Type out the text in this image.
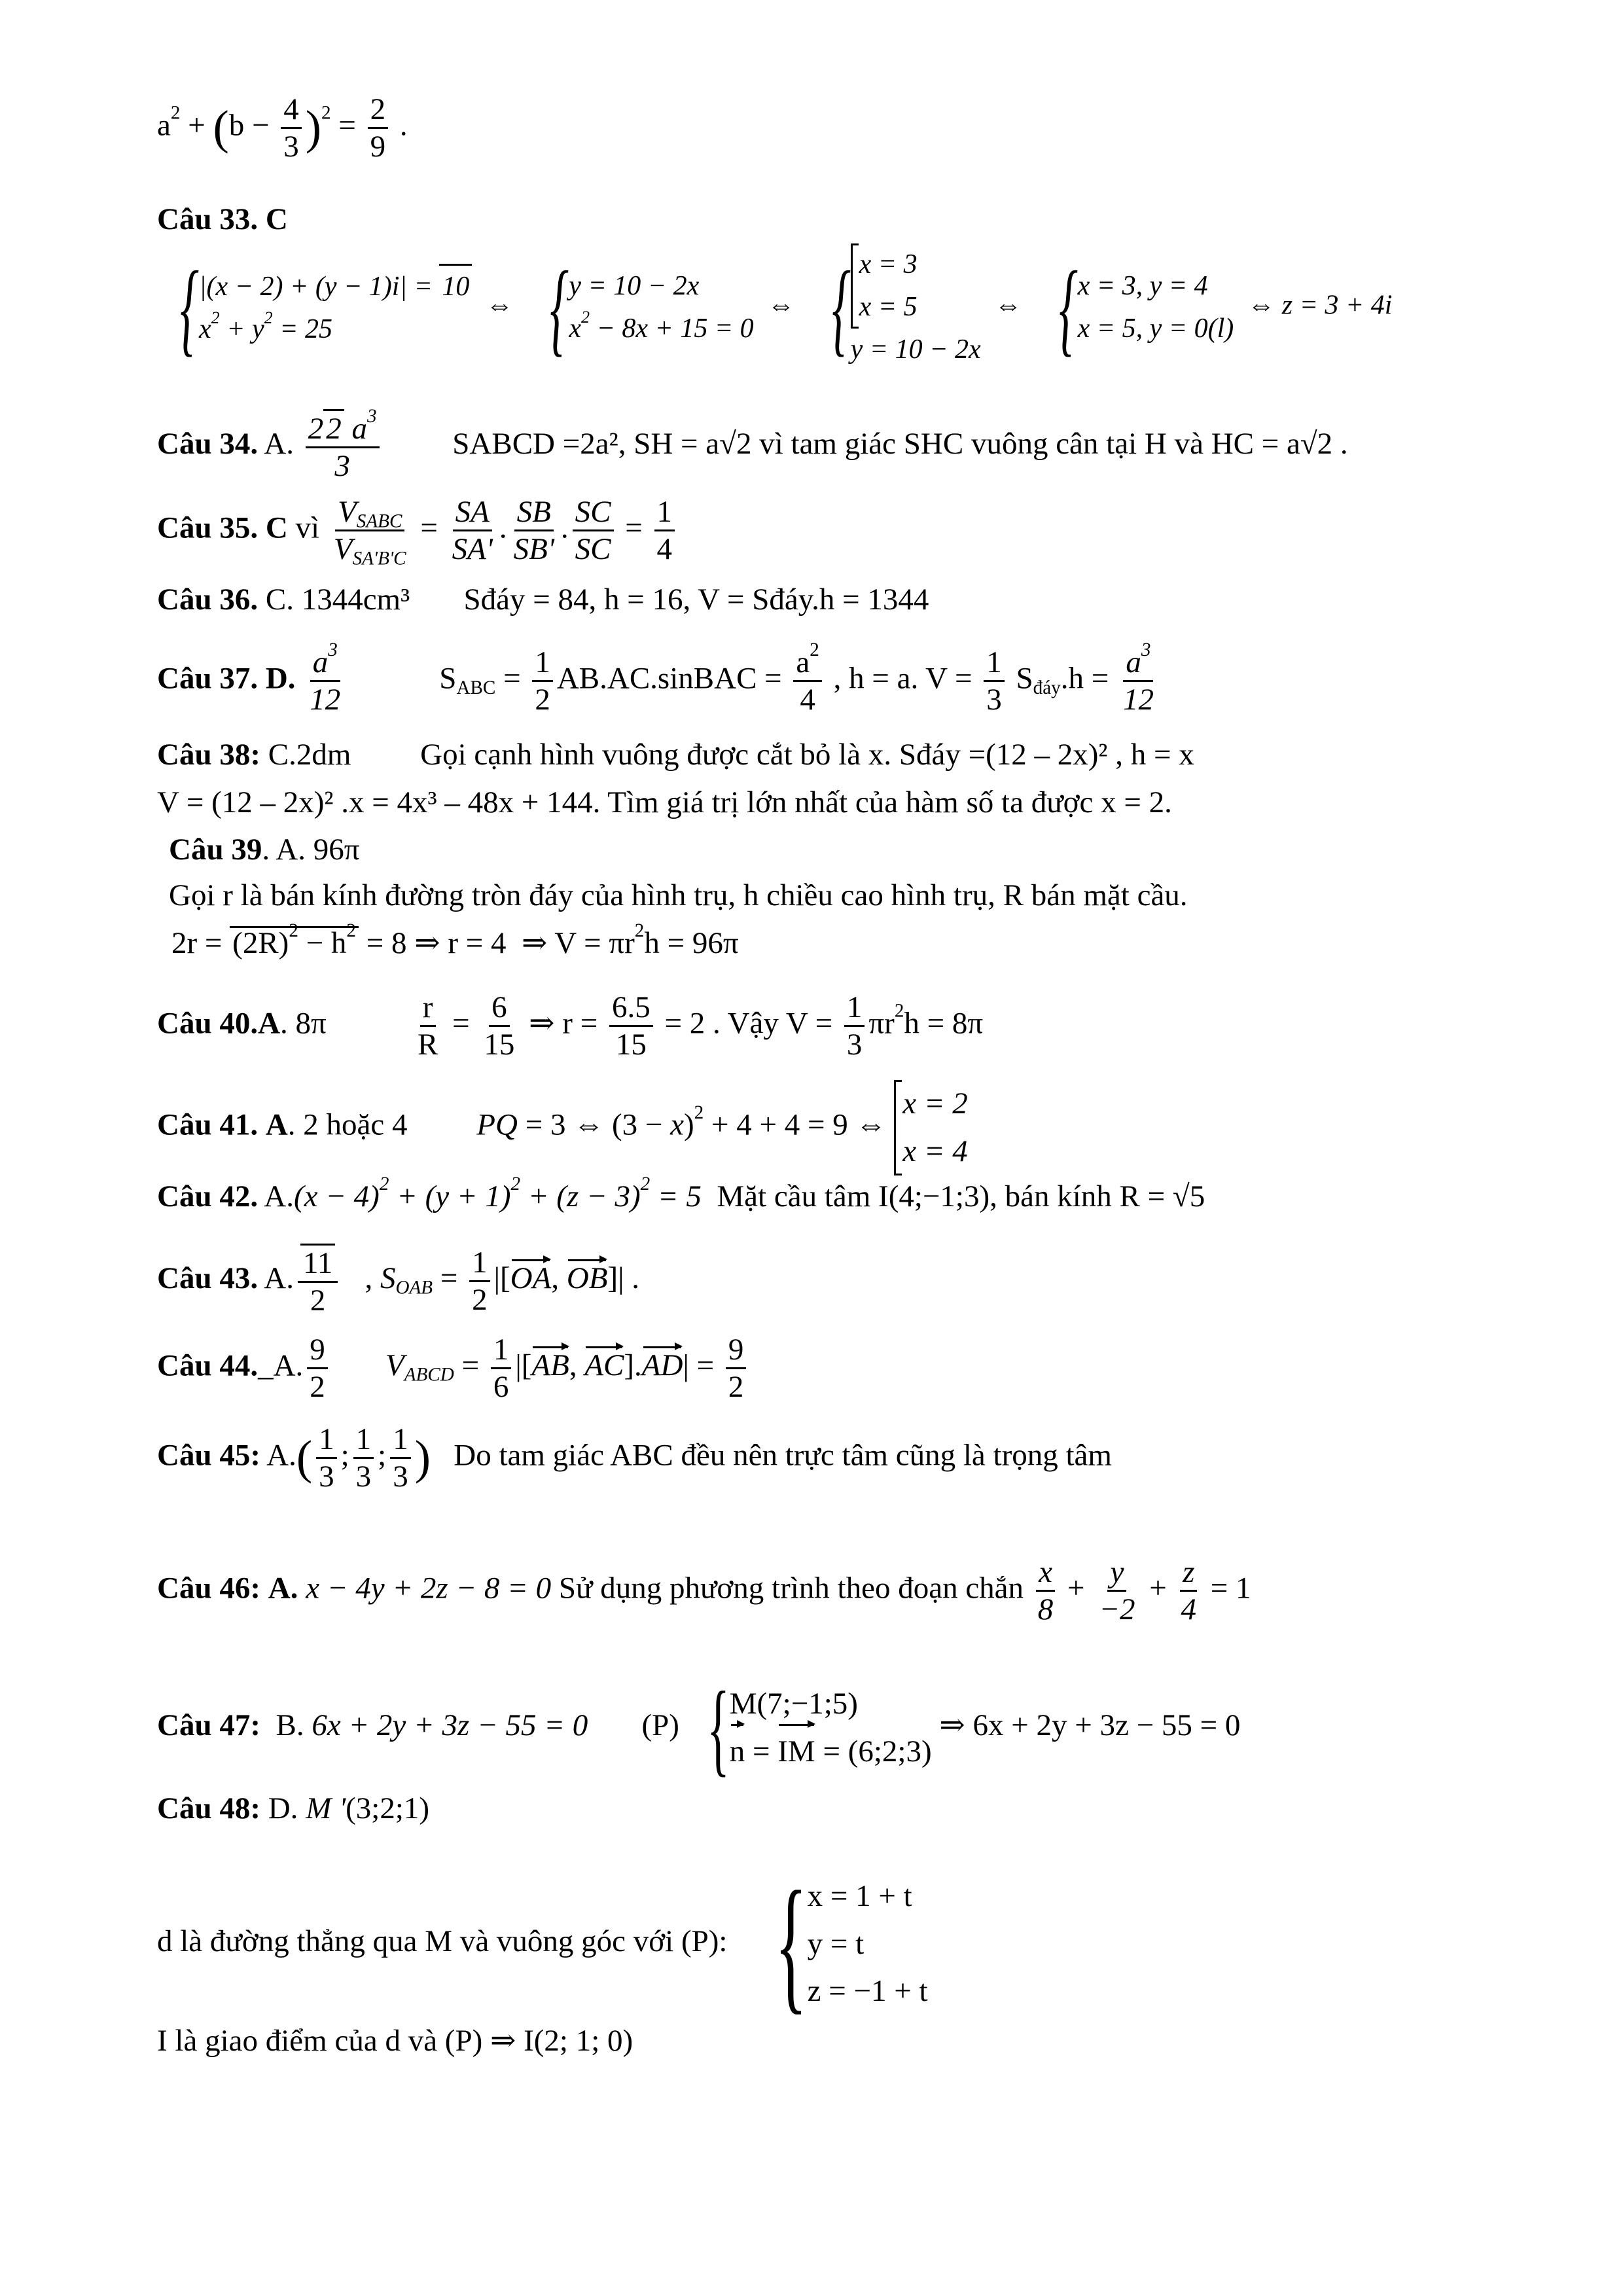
$a^2 + (b - \frac{4}{3} )^2 = \frac{2}{9}$ .
Câu 33. C
{ |(x − 2) + (y − 1)i| = 10
$x^2 + y^2 = 25$
⇔ { y = 10 − 2x
$x^2 - 8x + 15 = 0$
⇔ { x = 3
x = 5
y = 10 − 2x
⇔ { x = 3, y = 4
x = 5, y = 0(l)
⇔ z = 3 + 4i
Câu 34. A. $\frac{22 a^3}{3}$ SABCD =2a², SH = a√2 vì tam giác SHC vuông cân tại H và HC = a√2 .
Câu 35. C vì $\frac{V_{SABC}}{V_{SA'B'C}} = \frac{SA}{SA'}$ . $\frac{SB}{SB'}$ . $\frac{SC}{SC} = \frac{1}{4}$
Câu 36. C. 1344cm³ Sđáy = 84, h = 16, V = Sđáy.h = 1344
Câu 37. D. $\frac{a^3}{12} S_{ABC} = \frac{1}{2}$ AB.AC.sinBAC = $\frac{a^2}{4}$ , h = a. $V = \frac{1}{3} S_{đáy}.h = \frac{a^3}{12}$
Câu 38: C.2dm Gọi cạnh hình vuông được cắt bỏ là x. Sđáy =(12 – 2x)² , h = x
V = (12 – 2x)² .x = 4x³ – 48x + 144. Tìm giá trị lớn nhất của hàm số ta được x = 2.
Câu 39. A. 96π
Gọi r là bán kính đường tròn đáy của hình trụ, h chiều cao hình trụ, R bán mặt cầu.
$2r = (2R)^2 - h^2 = 8$ ⇒ r = 4  ⇒ $V = \pi r^2h = 96\pi$
Câu 40.A. $8\pi \frac{r}{R} = \frac{6}{15}$ ⇒ $r = \frac{6.5}{15} = 2$ . Vậy $V = \frac{1}{3} \pi r^2h = 8\pi$
Câu 41. A. 2 hoặc 4         PQ = 3 ⇔ $(3 - x)^2 + 4 + 4 = 9$ ⇔
x = 2
x = 4
Câu 42. $A.(x - 4)^2 + (y + 1)^2 + (z - 3)^2 = 5$ Mặt cầu tâm I(4;−1;3), bán kính R = √5
Câu 43. A. $\frac{11}{2}$ , $S_{OAB} = \frac{1}{2} |[OA$, OB]| .
Câu 44._A. $\frac{9}{2} V_{ABCD} = \frac{1}{6} |[AB$, $AC].AD| = \frac{9}{2}$
Câu 45: $A.( \frac{1}{3}$ ; $\frac{1}{3}$ ; $\frac{1}{3}$ ) Do tam giác ABC đều nên trực tâm cũng là trọng tâm
Câu 46: A. x − 4y + 2z − 8 = 0 Sử dụng phương trình theo đoạn chắn $\frac{x}{8} + \frac{y}{-2} + \frac{z}{4} = 1$
Câu 47:  B. 6x + 2y + 3z − 55 = 0       (P) { M(7;−1;5)
n = IM = (6;2;3)
⇒ 6x + 2y + 3z − 55 = 0
Câu 48: D. M '(3;2;1)
d là đường thẳng qua M và vuông góc với (P): { x = 1 + t
y = t
z = −1 + t
I là giao điểm của d và (P) ⇒ I(2; 1; 0)
